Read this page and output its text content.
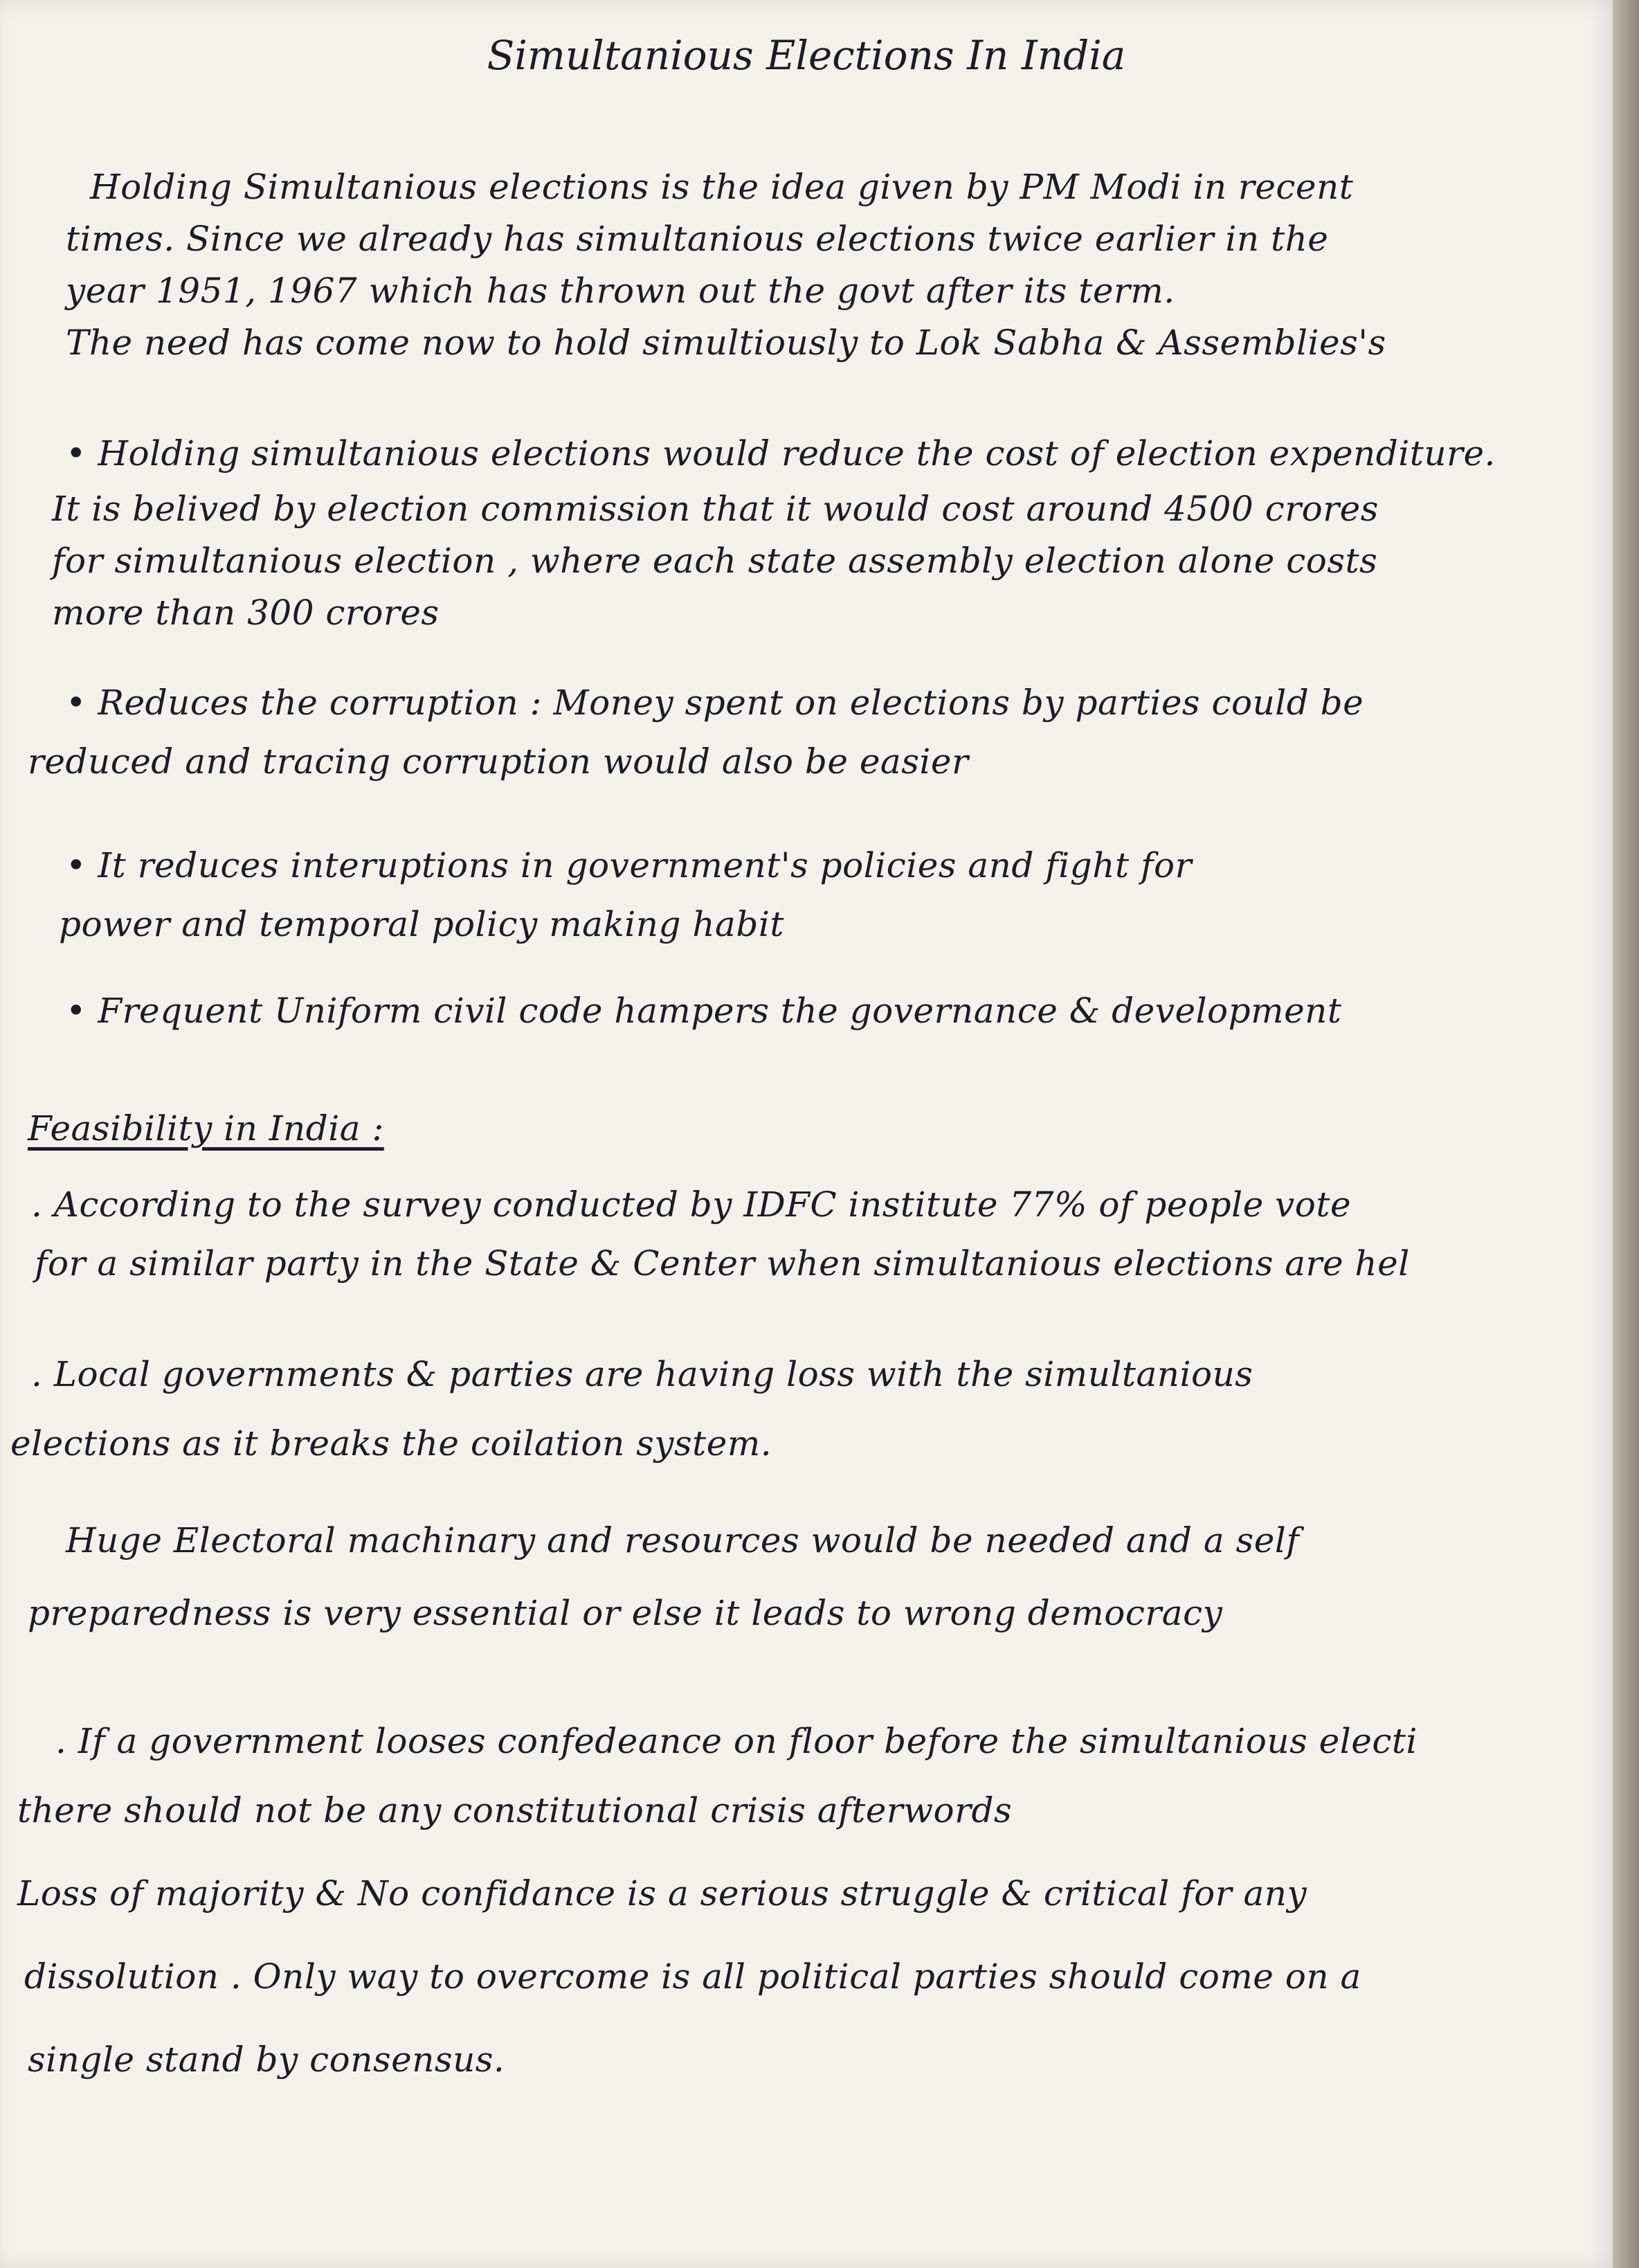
Simultanious Elections In India
Holding Simultanious elections is the idea given by PM Modi in recent
times. Since we already has simultanious elections twice earlier in the
year 1951, 1967 which has thrown out the govt after its term.
The need has come now to hold simultiously to Lok Sabha & Assemblies's
• Holding simultanious elections would reduce the cost of election expenditure.
It is belived by election commission that it would cost around 4500 crores
for simultanious election , where each state assembly election alone costs
more than 300 crores
• Reduces the corruption : Money spent on elections by parties could be
reduced and tracing corruption would also be easier
• It reduces interuptions in government's policies and fight for
power and temporal policy making habit
• Frequent Uniform civil code hampers the governance & development
Feasibility in India :
. According to the survey conducted by IDFC institute 77% of people vote
for a similar party in the State & Center when simultanious elections are hel
. Local governments & parties are having loss with the simultanious
elections as it breaks the coilation system.
Huge Electoral machinary and resources would be needed and a self
preparedness is very essential or else it leads to wrong democracy
. If a government looses confedeance on floor before the simultanious electi
there should not be any constitutional crisis afterwords
Loss of majority & No confidance is a serious struggle & critical for any
dissolution . Only way to overcome is all political parties should come on a
single stand by consensus.
